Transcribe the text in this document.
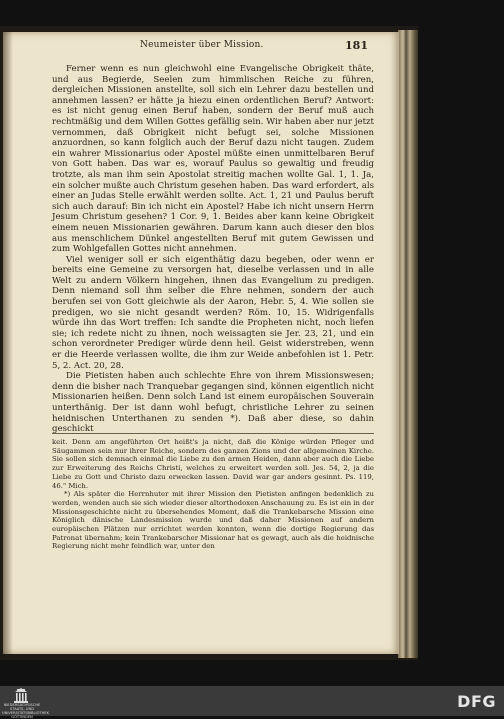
Neumeister über Mission.	181

Ferner wenn es nun gleichwohl eine Evangelische Obrigkeit thäte, und aus Begierde, Seelen zum himmlischen Reiche zu führen, dergleichen Missionen anstellte, soll sich ein Lehrer dazu bestellen und annehmen lassen? er hätte ja hiezu einen ordentlichen Beruf? Antwort: es ist nicht genug einen Beruf haben, sondern der Beruf muß auch rechtmäßig und dem Willen Gottes gefällig sein. Wir haben aber nur jetzt vernommen, daß Obrigkeit nicht befugt sei, solche Missionen anzuordnen, so kann folglich auch der Beruf dazu nicht taugen. Zudem ein wahrer Missionarius oder Apostel müßte einen unmittelbaren Beruf von Gott haben. Das war es, worauf Paulus so gewaltig und freudig trotzte, als man ihm sein Apostolat streitig machen wollte Gal. 1, 1. Ja, ein solcher mußte auch Christum gesehen haben. Das ward erfordert, als einer an Judas Stelle erwählt werden sollte. Act. 1, 21 und Paulus beruft sich auch darauf: Bin ich nicht ein Apostel? Habe ich nicht unsern Herrn Jesum Christum gesehen? 1 Cor. 9, 1. Beides aber kann keine Obrigkeit einem neuen Missionarien gewähren. Darum kann auch dieser den blos aus menschlichem Dünkel angestellten Beruf mit gutem Gewissen und zum Wohlgefallen Gottes nicht annehmen.

Viel weniger soll er sich eigenthätig dazu begeben, oder wenn er bereits eine Gemeine zu versorgen hat, dieselbe verlassen und in alle Welt zu andern Völkern hingehen, ihnen das Evangelium zu predigen. Denn niemand soll ihm selber die Ehre nehmen, sondern der auch berufen sei von Gott gleichwie als der Aaron, Hebr. 5, 4. Wie sollen sie predigen, wo sie nicht gesandt werden? Röm. 10, 15. Widrigenfalls würde ihn das Wort treffen: Ich sandte die Propheten nicht, noch liefen sie; ich redete nicht zu ihnen, noch weissagten sie Jer. 23, 21, und ein schon verordneter Prediger würde denn heil. Geist widerstreben, wenn er die Heerde verlassen wollte, die ihm zur Weide anbefohlen ist 1. Petr. 5, 2. Act. 20, 28.

Die Pietisten haben auch schlechte Ehre von ihrem Missionswesen; denn die bisher nach Tranquebar gegangen sind, können eigentlich nicht Missionarien heißen. Denn solch Land ist einem europäischen Souverain unterthänig. Der ist dann wohl befugt, christliche Lehrer zu seinen heidnischen Unterthanen zu senden *). Daß aber diese, so dahin geschickt

keit. Denn am angeführten Ort heißt's ja nicht, daß die Könige würden Pfleger und Säugammen sein nur ihrer Reiche, sondern des ganzen Zions und der allgemeinen Kirche. Sie sollen sich demnach einmal die Liebe zu den armen Heiden, dann aber auch die Liebe zur Erweiterung des Reichs Christi, welches zu erweitert werden soll. Jes. 54, 2, ja die Liebe zu Gott und Christo dazu erwecken lassen. David war gar anders gesinnt. Ps. 119, 46." Mich.

*) Als später die Herrnhuter mit ihrer Mission den Pietisten anfingen bedenklich zu werden, wenden auch sie sich wieder dieser altorthodoxen Anschauung zu. Es ist ein in der Missionsgeschichte nicht zu übersehendes Moment, daß die Trankebarsche Mission eine Königlich dänische Landesmission wurde und daß daher Missionen auf andern europäischen Plätzen nur errichtet werden konnten, wenn die dortige Regierung das Patronat übernahm; kein Trankebarscher Missionar hat es gewagt, auch als die heidnische Regierung nicht mehr feindlich war, unter den

NIEDERSÄCHSISCHE STAATS- UND UNIVERSITÄTSBIBLIOTHEK GÖTTINGEN
DFG
